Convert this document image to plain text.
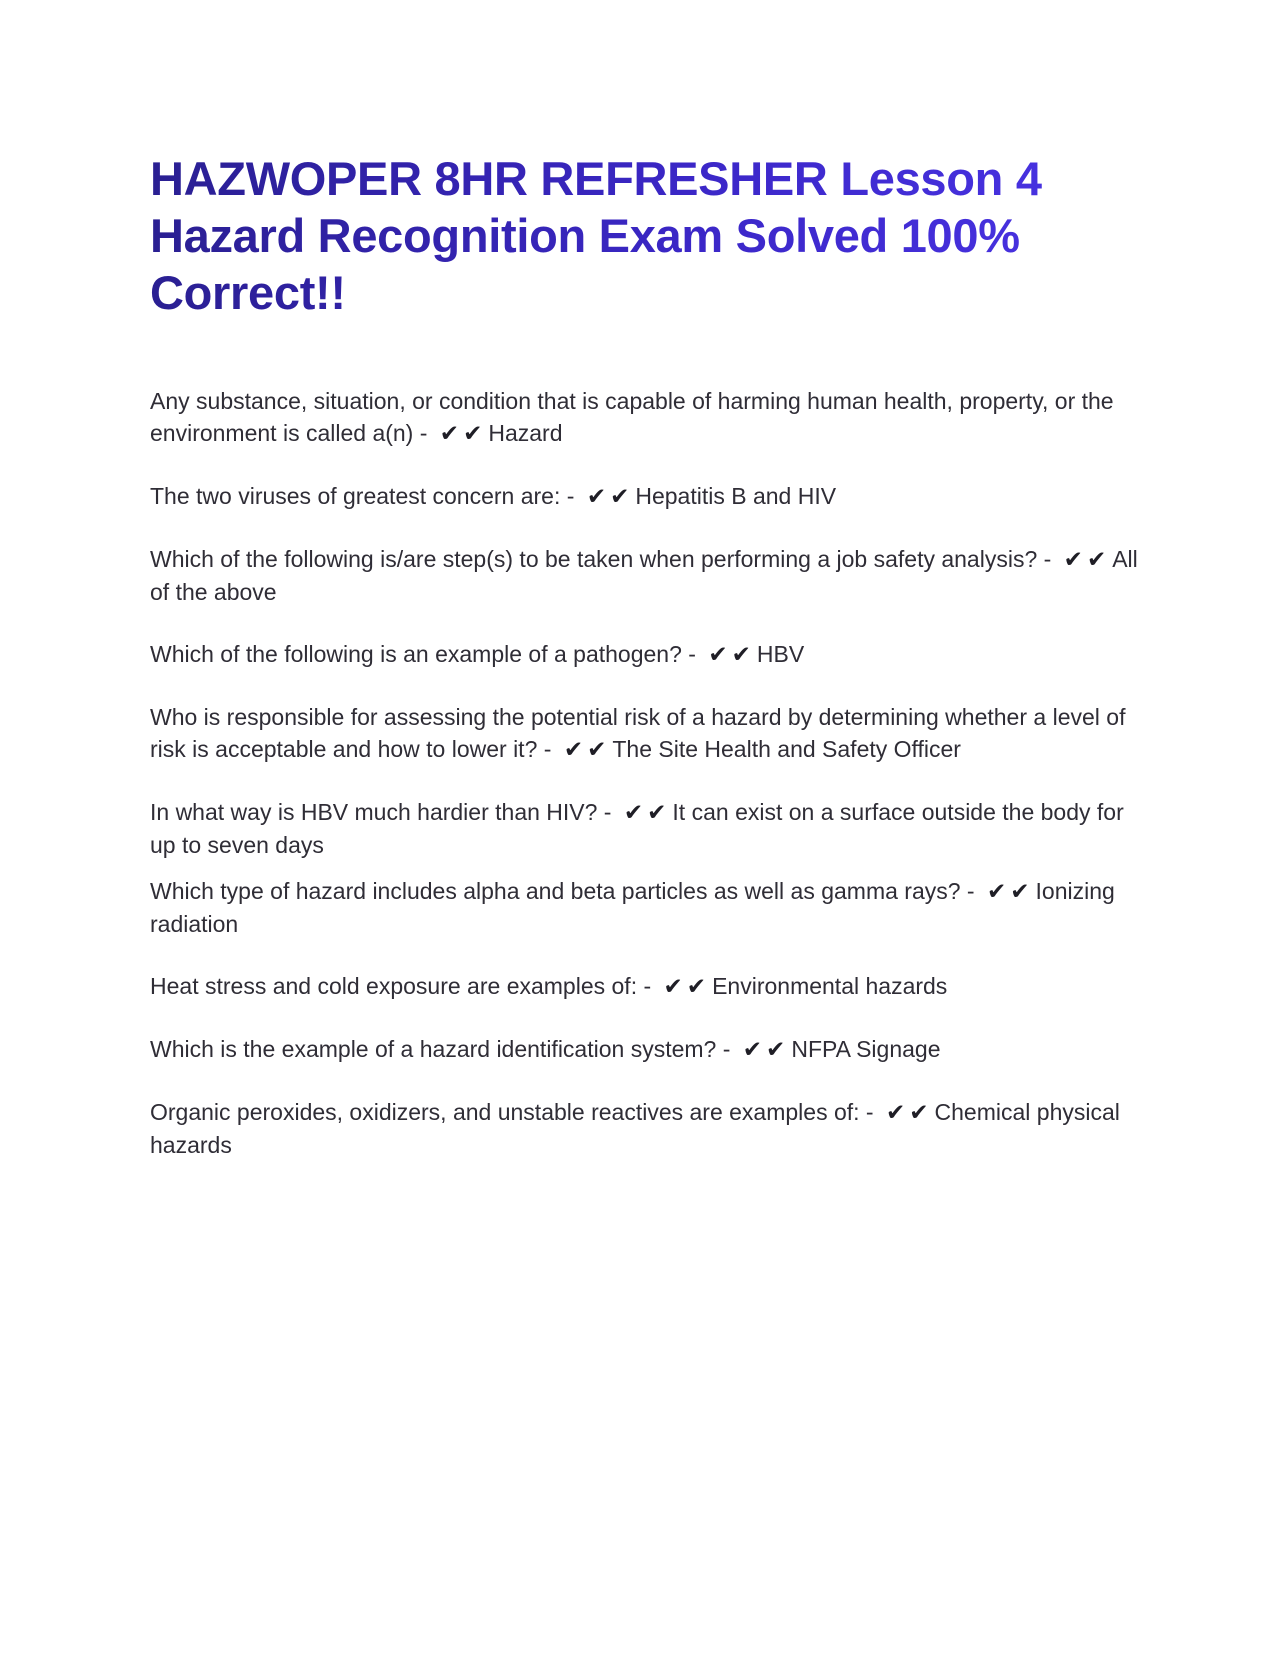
HAZWOPER 8HR REFRESHER Lesson 4 Hazard Recognition Exam Solved 100% Correct!!

Any substance, situation, or condition that is capable of harming human health, property, or the environment is called a(n) - ✔✔Hazard

The two viruses of greatest concern are: - ✔✔Hepatitis B and HIV

Which of the following is/are step(s) to be taken when performing a job safety analysis? - ✔✔All of the above

Which of the following is an example of a pathogen? - ✔✔HBV

Who is responsible for assessing the potential risk of a hazard by determining whether a level of risk is acceptable and how to lower it? - ✔✔The Site Health and Safety Officer

In what way is HBV much hardier than HIV? - ✔✔It can exist on a surface outside the body for up to seven days

Which type of hazard includes alpha and beta particles as well as gamma rays? - ✔✔Ionizing radiation

Heat stress and cold exposure are examples of: - ✔✔Environmental hazards

Which is the example of a hazard identification system? - ✔✔NFPA Signage

Organic peroxides, oxidizers, and unstable reactives are examples of: - ✔✔Chemical physical hazards
